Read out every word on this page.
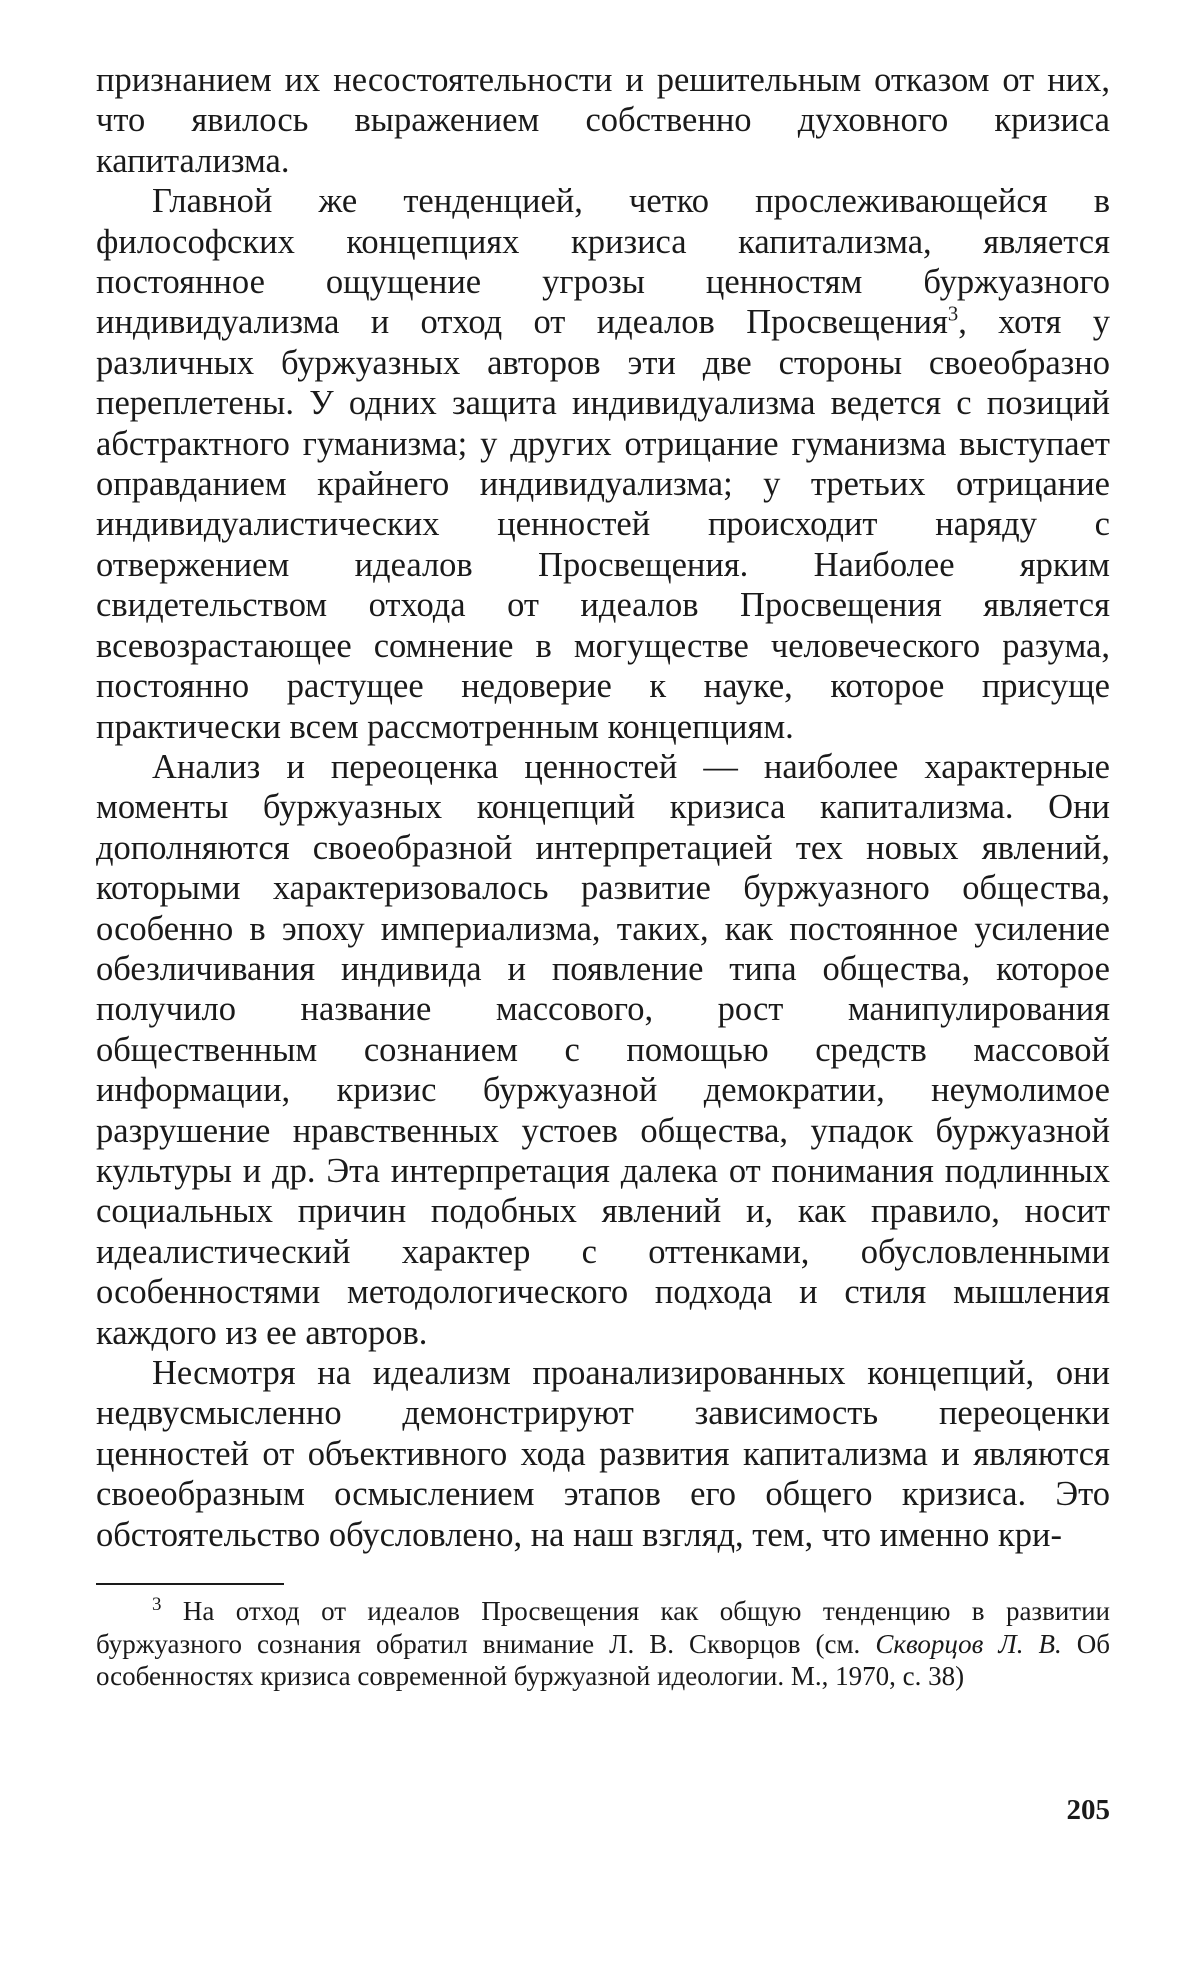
признанием их несостоятельности и решительным отказом от них, что явилось выражением собственно духовного кризиса капитализма.

Главной же тенденцией, четко прослеживающейся в философских концепциях кризиса капитализма, является постоянное ощущение угрозы ценностям буржуазного индивидуализма и отход от идеалов Просвещения$^3$, хотя у различных буржуазных авторов эти две стороны своеобразно переплетены. У одних защита индивидуализма ведется с позиций абстрактного гуманизма; у других отрицание гуманизма выступает оправданием крайнего индивидуализма; у третьих отрицание индивидуалистических ценностей происходит наряду с отвержением идеалов Просвещения. Наиболее ярким свидетельством отхода от идеалов Просвещения является всевозрастающее сомнение в могуществе человеческого разума, постоянно растущее недоверие к науке, которое присуще практически всем рассмотренным концепциям.

Анализ и переоценка ценностей — наиболее характерные моменты буржуазных концепций кризиса капитализма. Они дополняются своеобразной интерпретацией тех новых явлений, которыми характеризовалось развитие буржуазного общества, особенно в эпоху империализма, таких, как постоянное усиление обезличивания индивида и появление типа общества, которое получило название массового, рост манипулирования общественным сознанием с помощью средств массовой информации, кризис буржуазной демократии, неумолимое разрушение нравственных устоев общества, упадок буржуазной культуры и др. Эта интерпретация далека от понимания подлинных социальных причин подобных явлений и, как правило, носит идеалистический характер с оттенками, обусловленными особенностями методологического подхода и стиля мышления каждого из ее авторов.

Несмотря на идеализм проанализированных концепций, они недвусмысленно демонстрируют зависимость переоценки ценностей от объективного хода развития капитализма и являются своеобразным осмыслением этапов его общего кризиса. Это обстоятельство обусловлено, на наш взгляд, тем, что именно кри-

$^3$ На отход от идеалов Просвещения как общую тенденцию в развитии буржуазного сознания обратил внимание Л. В. Скворцов (см. Скворцов Л. В. Об особенностях кризиса современной буржуазной идеологии. М., 1970, с. 38)

205
